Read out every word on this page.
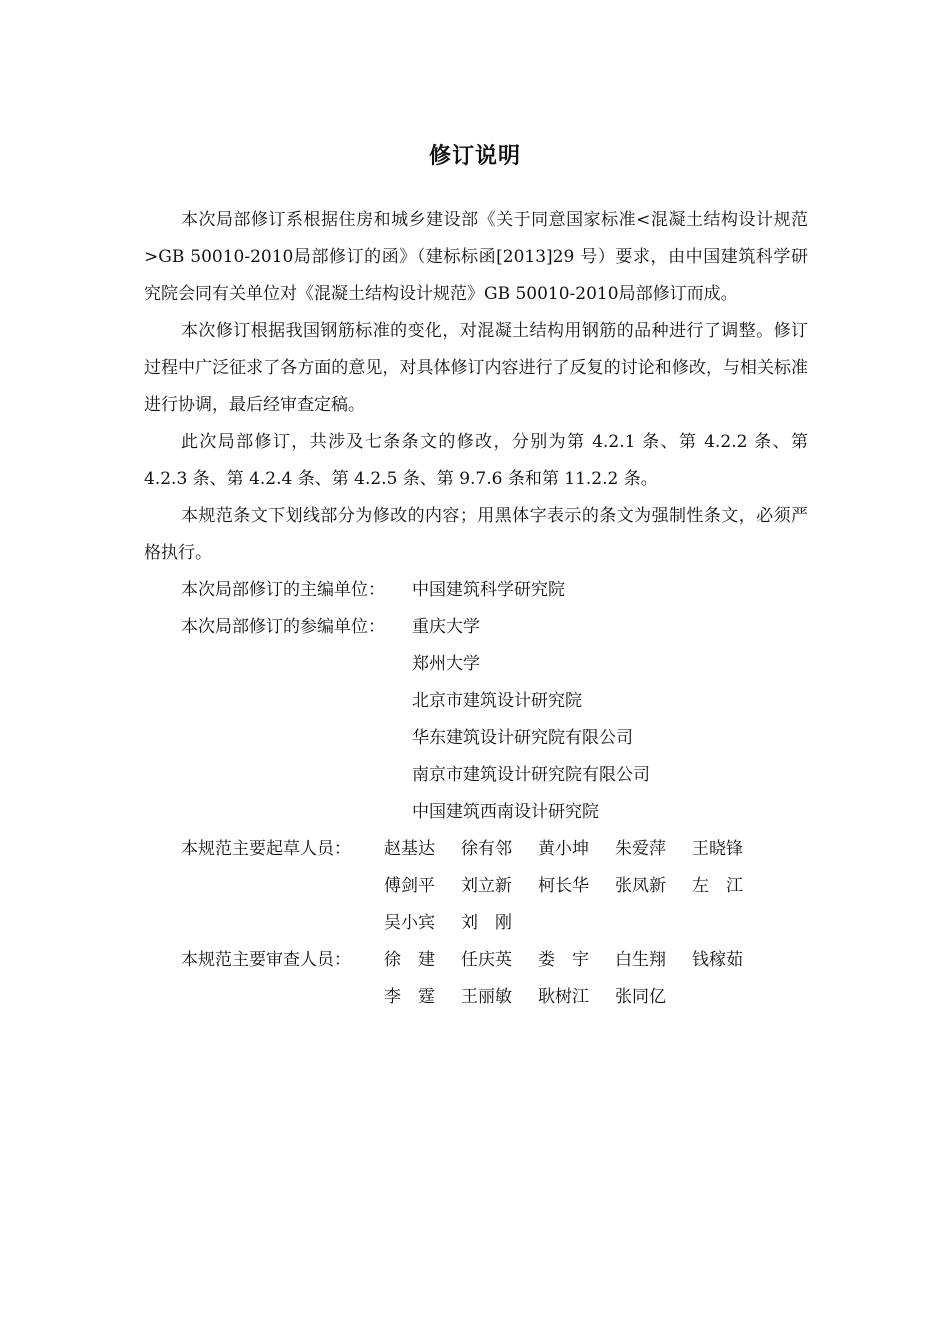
修订说明

本次局部修订系根据住房和城乡建设部《关于同意国家标准<混凝土结构设计规范>GB 50010-2010局部修订的函》（建标标函[2013]29 号）要求，由中国建筑科学研究院会同有关单位对《混凝土结构设计规范》GB 50010-2010局部修订而成。

本次修订根据我国钢筋标准的变化，对混凝土结构用钢筋的品种进行了调整。修订过程中广泛征求了各方面的意见，对具体修订内容进行了反复的讨论和修改，与相关标准进行协调，最后经审查定稿。

此次局部修订，共涉及七条条文的修改，分别为第 4.2.1 条、第 4.2.2 条、第 4.2.3 条、第 4.2.4 条、第 4.2.5 条、第 9.7.6 条和第 11.2.2 条。

本规范条文下划线部分为修改的内容；用黑体字表示的条文为强制性条文，必须严格执行。

本次局部修订的主编单位： 中国建筑科学研究院
本次局部修订的参编单位： 重庆大学
郑州大学
北京市建筑设计研究院
华东建筑设计研究院有限公司
南京市建筑设计研究院有限公司
中国建筑西南设计研究院
本规范主要起草人员： 赵基达 徐有邻 黄小坤 朱爱萍 王晓锋
傅剑平 刘立新 柯长华 张凤新 左　江
吴小宾 刘　刚
本规范主要审查人员： 徐　建 任庆英 娄　宇 白生翔 钱稼茹
李　霆 王丽敏 耿树江 张同亿
